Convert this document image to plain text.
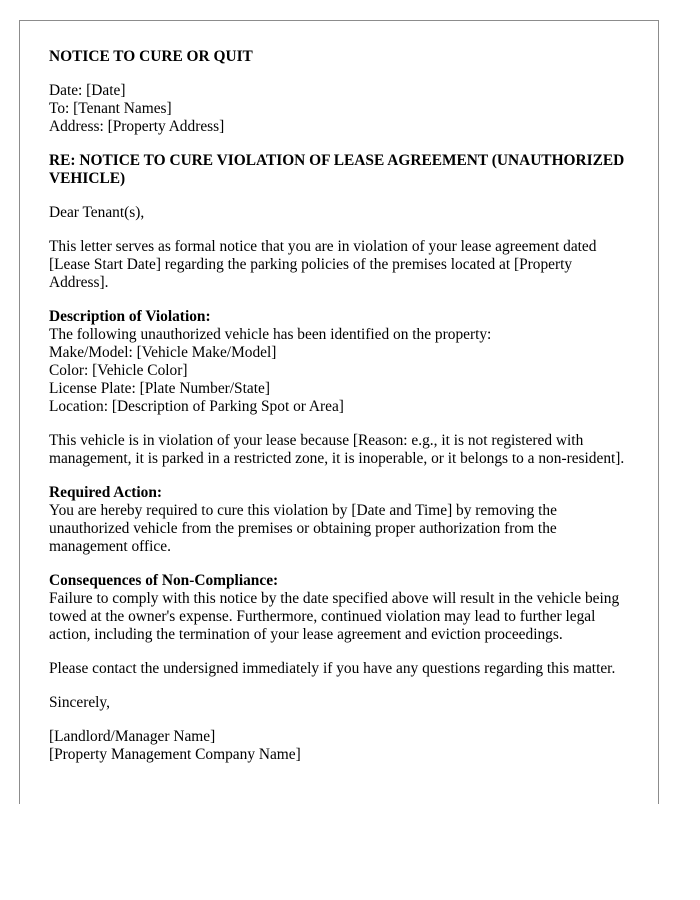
NOTICE TO CURE OR QUIT
Date: [Date]
To: [Tenant Names]
Address: [Property Address]
RE: NOTICE TO CURE VIOLATION OF LEASE AGREEMENT (UNAUTHORIZED VEHICLE)
Dear Tenant(s),
This letter serves as formal notice that you are in violation of your lease agreement dated [Lease Start Date] regarding the parking policies of the premises located at [Property Address].
Description of Violation:
The following unauthorized vehicle has been identified on the property:
Make/Model: [Vehicle Make/Model]
Color: [Vehicle Color]
License Plate: [Plate Number/State]
Location: [Description of Parking Spot or Area]
This vehicle is in violation of your lease because [Reason: e.g., it is not registered with management, it is parked in a restricted zone, it is inoperable, or it belongs to a non-resident].
Required Action:
You are hereby required to cure this violation by [Date and Time] by removing the unauthorized vehicle from the premises or obtaining proper authorization from the management office.
Consequences of Non-Compliance:
Failure to comply with this notice by the date specified above will result in the vehicle being towed at the owner's expense. Furthermore, continued violation may lead to further legal action, including the termination of your lease agreement and eviction proceedings.
Please contact the undersigned immediately if you have any questions regarding this matter.
Sincerely,
[Landlord/Manager Name]
[Property Management Company Name]
